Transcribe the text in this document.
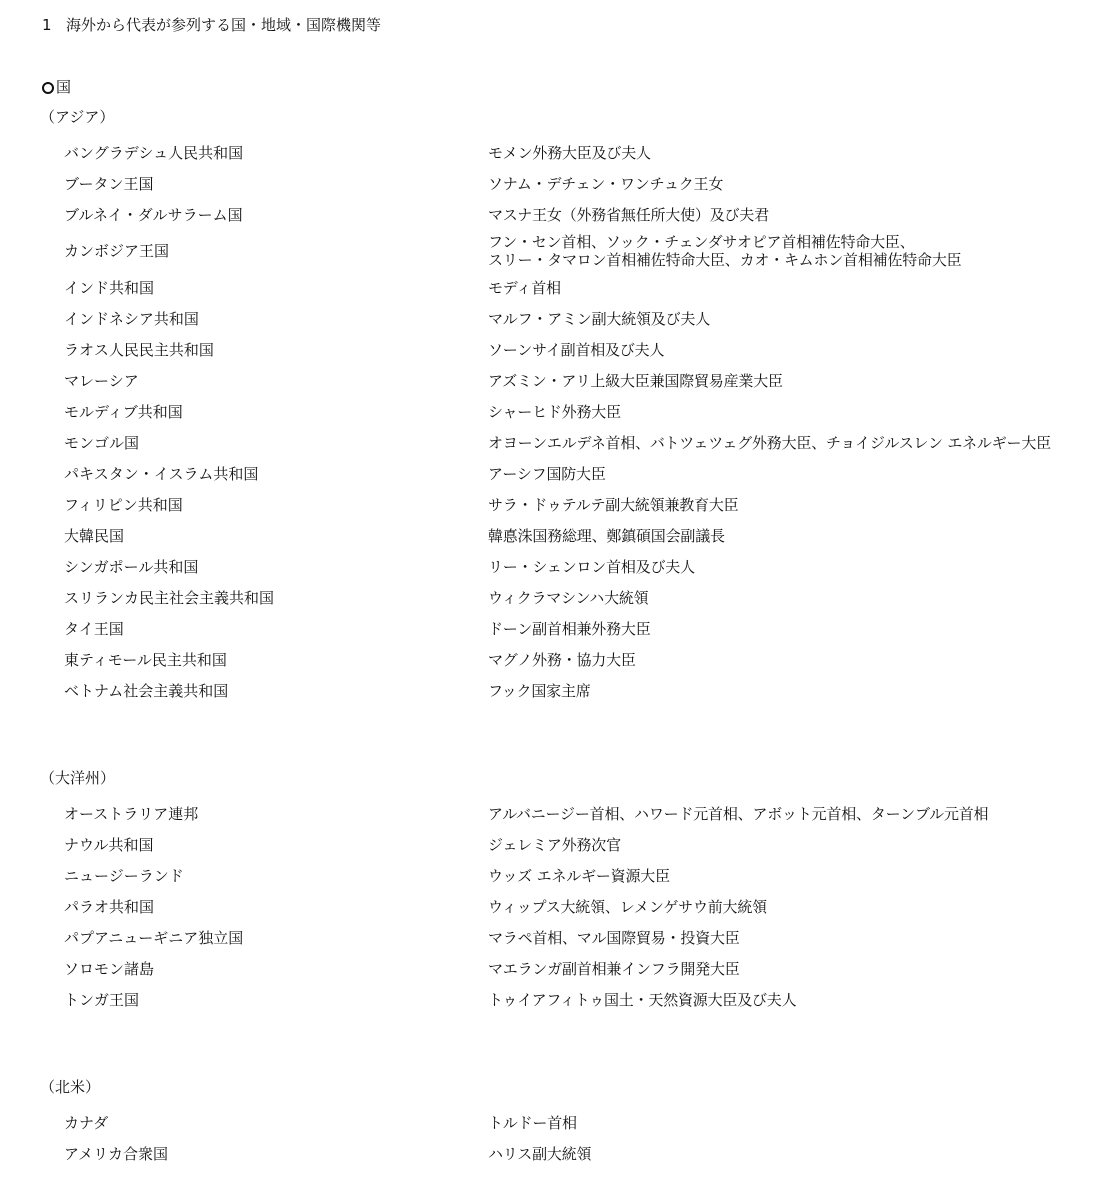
1 海外から代表が参列する国・地域・国際機関等
国
（アジア）
バングラデシュ人民共和国	モメン外務大臣及び夫人
ブータン王国	ソナム・デチェン・ワンチュク王女
ブルネイ・ダルサラーム国	マスナ王女（外務省無任所大使）及び夫君
カンボジア王国	フン・セン首相、ソック・チェンダサオピア首相補佐特命大臣、
スリー・タマロン首相補佐特命大臣、カオ・キムホン首相補佐特命大臣
インド共和国	モディ首相
インドネシア共和国	マルフ・アミン副大統領及び夫人
ラオス人民民主共和国	ソーンサイ副首相及び夫人
マレーシア	アズミン・アリ上級大臣兼国際貿易産業大臣
モルディブ共和国	シャーヒド外務大臣
モンゴル国	オヨーンエルデネ首相、バトツェツェグ外務大臣、チョイジルスレン エネルギー大臣
パキスタン・イスラム共和国	アーシフ国防大臣
フィリピン共和国	サラ・ドゥテルテ副大統領兼教育大臣
大韓民国	韓悳洙国務総理、鄭鎮碩国会副議長
シンガポール共和国	リー・シェンロン首相及び夫人
スリランカ民主社会主義共和国	ウィクラマシンハ大統領
タイ王国	ドーン副首相兼外務大臣
東ティモール民主共和国	マグノ外務・協力大臣
ベトナム社会主義共和国	フック国家主席
（大洋州）
オーストラリア連邦	アルバニージー首相、ハワード元首相、アボット元首相、ターンブル元首相
ナウル共和国	ジェレミア外務次官
ニュージーランド	ウッズ エネルギー資源大臣
パラオ共和国	ウィップス大統領、レメンゲサウ前大統領
パプアニューギニア独立国	マラペ首相、マル国際貿易・投資大臣
ソロモン諸島	マエランガ副首相兼インフラ開発大臣
トンガ王国	トゥイアフィトゥ国土・天然資源大臣及び夫人
（北米）
カナダ	トルドー首相
アメリカ合衆国	ハリス副大統領
